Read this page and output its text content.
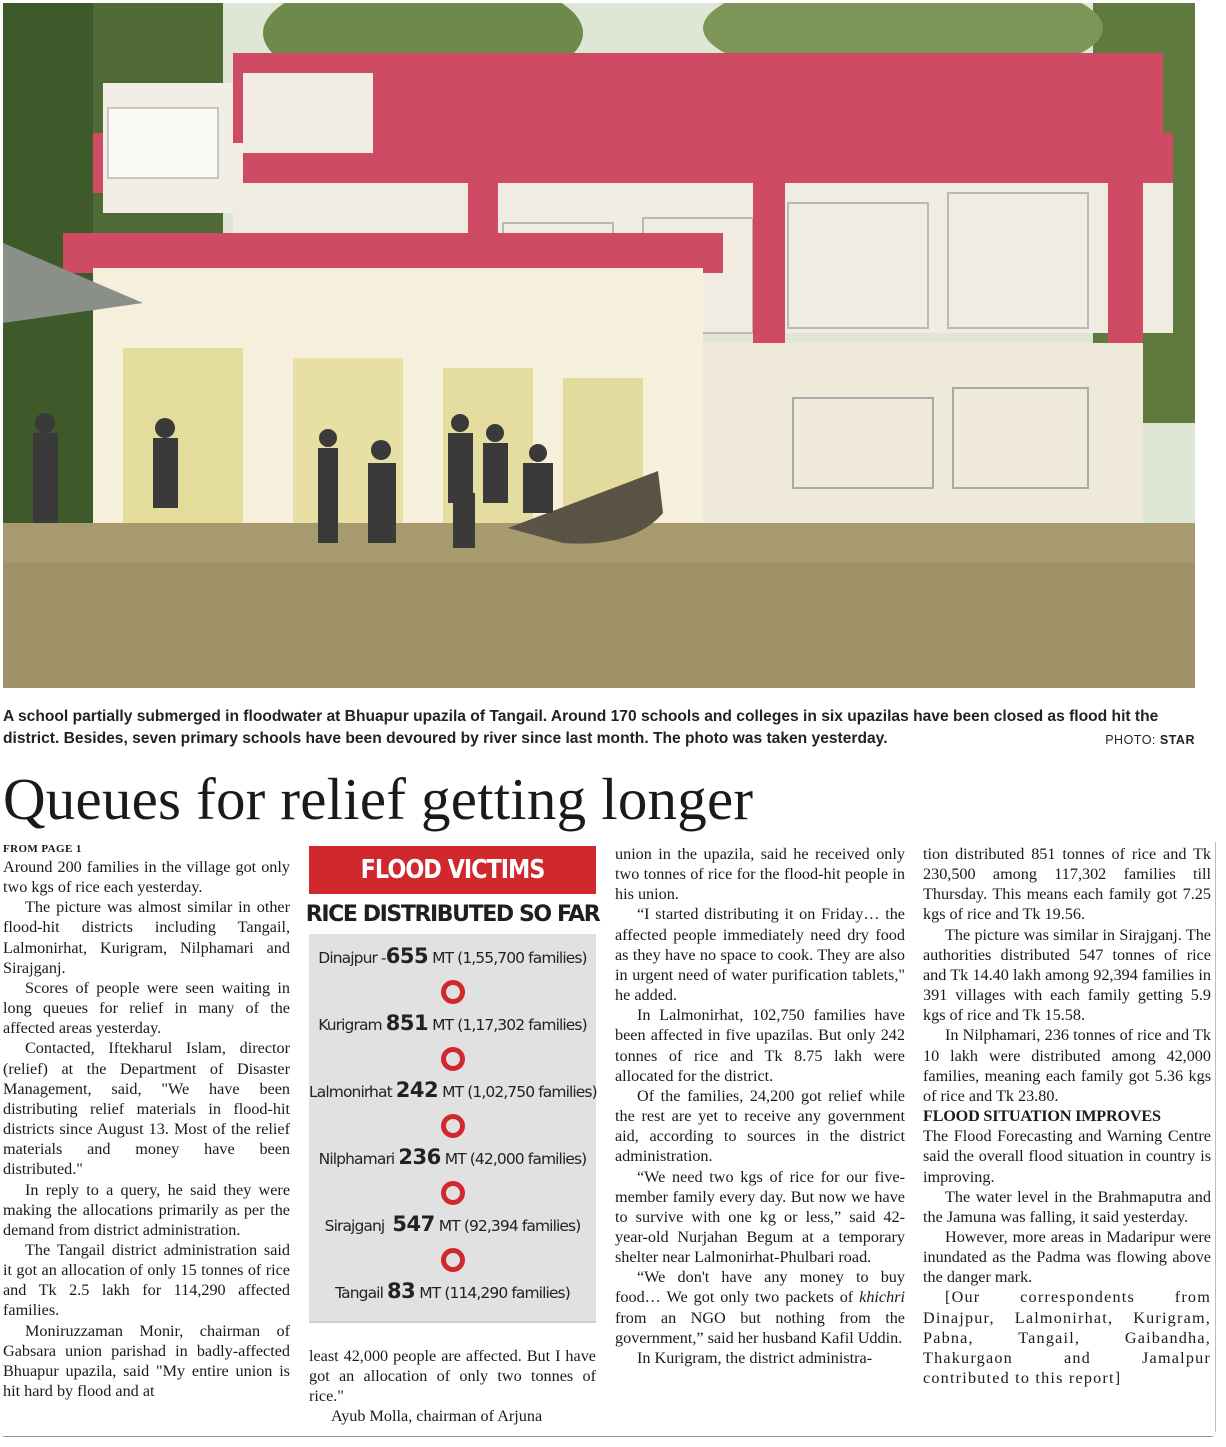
A school partially submerged in floodwater at Bhuapur upazila of Tangail. Around 170 schools and colleges in six upazilas have been closed as flood hit the district. Besides, seven primary schools have been devoured by river since last month. The photo was taken yesterday.	PHOTO: STAR
Queues for relief getting longer
FROM PAGE 1

Around 200 families in the village got only two kgs of rice each yesterday.

The picture was almost similar in other flood-hit districts including Tangail, Lalmonirhat, Kurigram, Nilphamari and Sirajganj.

Scores of people were seen waiting in long queues for relief in many of the affected areas yesterday.

Contacted, Iftekharul Islam, director (relief) at the Department of Disaster Management, said, "We have been distributing relief materials in flood-hit districts since August 13. Most of the relief materials and money have been distributed."

In reply to a query, he said they were making the allocations primarily as per the demand from district administration.

The Tangail district administration said it got an allocation of only 15 tonnes of rice and Tk 2.5 lakh for 114,290 affected families.

Moniruzzaman Monir, chairman of Gabsara union parishad in badly-affected Bhuapur upazila, said "My entire union is hit hard by flood and at

FLOOD VICTIMS
RICE DISTRIBUTED SO FAR
Dinajpur -655 MT (1,55,700 families)
Kurigram 851 MT (1,17,302 families)
Lalmonirhat 242 MT (1,02,750 families)
Nilphamari 236 MT (42,000 families)
Sirajganj  547 MT (92,394 families)
Tangail 83 MT (114,290 families)

least 42,000 people are affected. But I have got an allocation of only two tonnes of rice."

Ayub Molla, chairman of Arjuna

union in the upazila, said he received only two tonnes of rice for the flood-hit people in his union.

“I started distributing it on Friday… the affected people immediately need dry food as they have no space to cook. They are also in urgent need of water purification tablets," he added.

In Lalmonirhat, 102,750 families have been affected in five upazilas. But only 242 tonnes of rice and Tk 8.75 lakh were allocated for the district.

Of the families, 24,200 got relief while the rest are yet to receive any government aid, according to sources in the district administration.

“We need two kgs of rice for our five-member family every day. But now we have to survive with one kg or less,” said 42-year-old Nurjahan Begum at a temporary shelter near Lalmonirhat-Phulbari road.

“We don't have any money to buy food… We got only two packets of khichri from an NGO but nothing from the government,” said her husband Kafil Uddin.

In Kurigram, the district administra-

tion distributed 851 tonnes of rice and Tk 230,500 among 117,302 families till Thursday. This means each family got 7.25 kgs of rice and Tk 19.56.

The picture was similar in Sirajganj. The authorities distributed 547 tonnes of rice and Tk 14.40 lakh among 92,394 families in 391 villages with each family getting 5.9 kgs of rice and Tk 15.58.

In Nilphamari, 236 tonnes of rice and Tk 10 lakh were distributed among 42,000 families, meaning each family got 5.36 kgs of rice and Tk 23.80.

FLOOD SITUATION IMPROVES

The Flood Forecasting and Warning Centre said the overall flood situation in country is improving.

The water level in the Brahmaputra and the Jamuna was falling, it said yesterday.

However, more areas in Madaripur were inundated as the Padma was flowing above the danger mark.

[Our correspondents from Dinajpur, Lalmonirhat, Kurigram, Pabna, Tangail, Gaibandha, Thakurgaon and Jamalpur contributed to this report]
